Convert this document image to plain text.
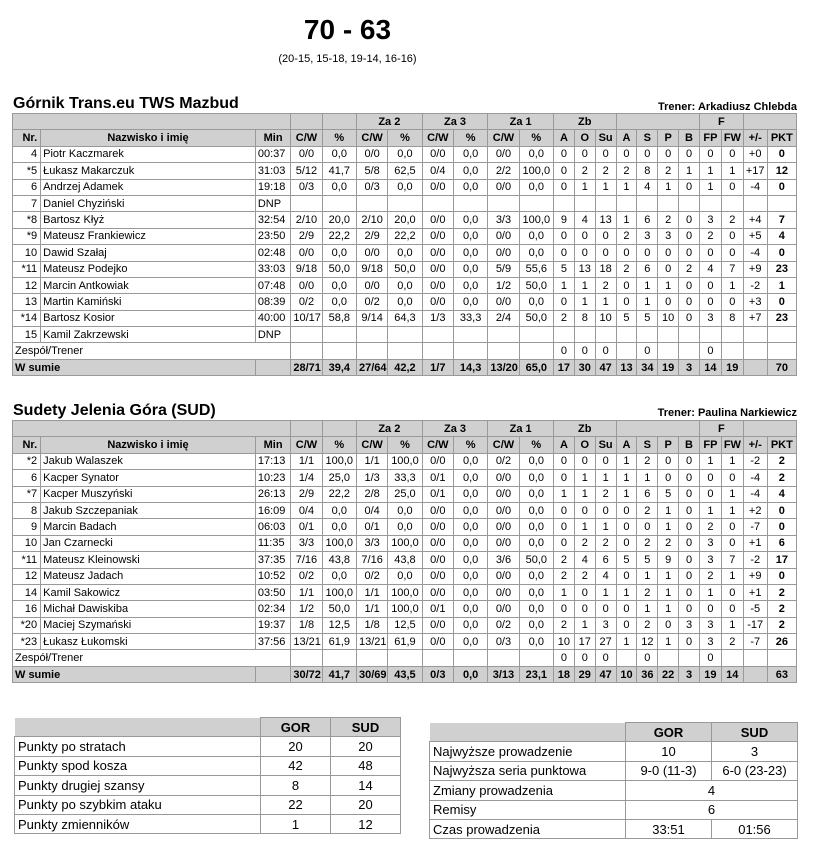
70 - 63
(20-15, 15-18, 19-14, 16-16)
Górnik Trans.eu TWS Mazbud	Trener: Arkadiusz Chlebda
					Za 2		Za 3		Za 1		Zb							F			
Nr.	Nazwisko i imię	Min	C/W	%	C/W	%	C/W	%	C/W	%	A	O	Su	A	S	P	B	FP	FW	+/-	PKT
4	Piotr Kaczmarek	00:37	0/0	0,0	0/0	0,0	0/0	0,0	0/0	0,0	0	0	0	0	0	0	0	0	0	+0	0
*5	Łukasz Makarczuk	31:03	5/12	41,7	5/8	62,5	0/4	0,0	2/2	100,0	0	2	2	2	8	2	1	1	1	+17	12
6	Andrzej Adamek	19:18	0/3	0,0	0/3	0,0	0/0	0,0	0/0	0,0	0	1	1	1	4	1	0	1	0	-4	0
7	Daniel Chyziński	DNP																			
*8	Bartosz Kłyż	32:54	2/10	20,0	2/10	20,0	0/0	0,0	3/3	100,0	9	4	13	1	6	2	0	3	2	+4	7
*9	Mateusz Frankiewicz	23:50	2/9	22,2	2/9	22,2	0/0	0,0	0/0	0,0	0	0	0	2	3	3	0	2	0	+5	4
10	Dawid Szałaj	02:48	0/0	0,0	0/0	0,0	0/0	0,0	0/0	0,0	0	0	0	0	0	0	0	0	0	-4	0
*11	Mateusz Podejko	33:03	9/18	50,0	9/18	50,0	0/0	0,0	5/9	55,6	5	13	18	2	6	0	2	4	7	+9	23
12	Marcin Antkowiak	07:48	0/0	0,0	0/0	0,0	0/0	0,0	1/2	50,0	1	1	2	0	1	1	0	0	1	-2	1
13	Martin Kamiński	08:39	0/2	0,0	0/2	0,0	0/0	0,0	0/0	0,0	0	1	1	0	1	0	0	0	0	+3	0
*14	Bartosz Kosior	40:00	10/17	58,8	9/14	64,3	1/3	33,3	2/4	50,0	2	8	10	5	5	10	0	3	8	+7	23
15	Kamil Zakrzewski	DNP																			
Zespół/Trener											0	0	0		0			0			
W sumie			28/71	39,4	27/64	42,2	1/7	14,3	13/20	65,0	17	30	47	13	34	19	3	14	19		70
Sudety Jelenia Góra (SUD)	Trener: Paulina Narkiewicz
					Za 2		Za 3		Za 1		Zb							F			
Nr.	Nazwisko i imię	Min	C/W	%	C/W	%	C/W	%	C/W	%	A	O	Su	A	S	P	B	FP	FW	+/-	PKT
*2	Jakub Walaszek	17:13	1/1	100,0	1/1	100,0	0/0	0,0	0/2	0,0	0	0	0	1	2	0	0	1	1	-2	2
6	Kacper Synator	10:23	1/4	25,0	1/3	33,3	0/1	0,0	0/0	0,0	0	1	1	1	1	0	0	0	0	-4	2
*7	Kacper Muszyński	26:13	2/9	22,2	2/8	25,0	0/1	0,0	0/0	0,0	1	1	2	1	6	5	0	0	1	-4	4
8	Jakub Szczepaniak	16:09	0/4	0,0	0/4	0,0	0/0	0,0	0/0	0,0	0	0	0	0	2	1	0	1	1	+2	0
9	Marcin Badach	06:03	0/1	0,0	0/1	0,0	0/0	0,0	0/0	0,0	0	1	1	0	0	1	0	2	0	-7	0
10	Jan Czarnecki	11:35	3/3	100,0	3/3	100,0	0/0	0,0	0/0	0,0	0	2	2	0	2	2	0	3	0	+1	6
*11	Mateusz Kleinowski	37:35	7/16	43,8	7/16	43,8	0/0	0,0	3/6	50,0	2	4	6	5	5	9	0	3	7	-2	17
12	Mateusz Jadach	10:52	0/2	0,0	0/2	0,0	0/0	0,0	0/0	0,0	2	2	4	0	1	1	0	2	1	+9	0
14	Kamil Sakowicz	03:50	1/1	100,0	1/1	100,0	0/0	0,0	0/0	0,0	1	0	1	1	2	1	0	1	0	+1	2
16	Michał Dawiskiba	02:34	1/2	50,0	1/1	100,0	0/1	0,0	0/0	0,0	0	0	0	0	1	1	0	0	0	-5	2
*20	Maciej Szymański	19:37	1/8	12,5	1/8	12,5	0/0	0,0	0/2	0,0	2	1	3	0	2	0	3	3	1	-17	2
*23	Łukasz Łukomski	37:56	13/21	61,9	13/21	61,9	0/0	0,0	0/3	0,0	10	17	27	1	12	1	0	3	2	-7	26
Zespół/Trener											0	0	0		0			0			
W sumie			30/72	41,7	30/69	43,5	0/3	0,0	3/13	23,1	18	29	47	10	36	22	3	19	14		63
	GOR	SUD
Punkty po stratach	20	20
Punkty spod kosza	42	48
Punkty drugiej szansy	8	14
Punkty po szybkim ataku	22	20
Punkty zmienników	1	12
	GOR	SUD
Najwyższe prowadzenie	10	3
Najwyższa seria punktowa	9-0 (11-3)	6-0 (23-23)
Zmiany prowadzenia	4	
Remisy	6	
Czas prowadzenia	33:51	01:56
